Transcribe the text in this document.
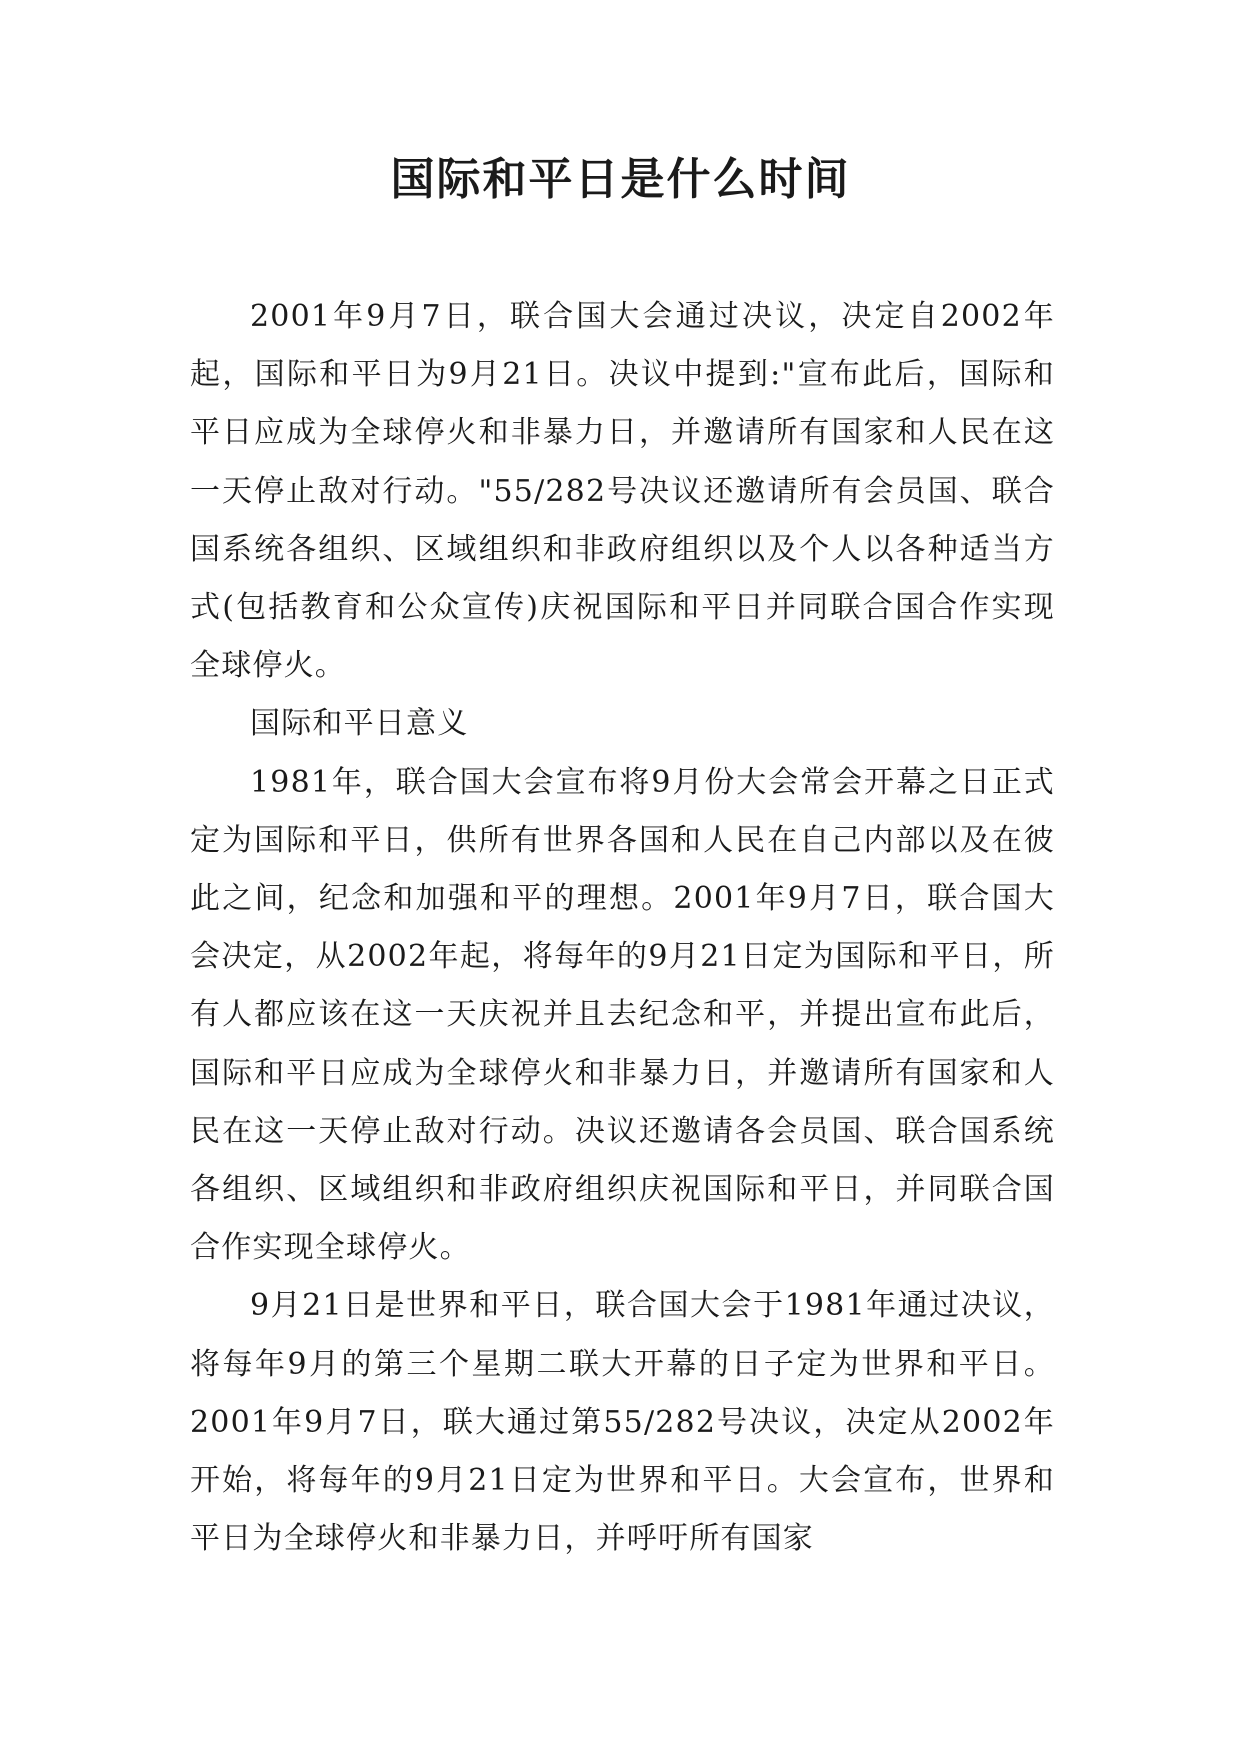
国际和平日是什么时间

2001年9月7日，联合国大会通过决议，决定自2002年起，国际和平日为9月21日。决议中提到:"宣布此后，国际和平日应成为全球停火和非暴力日，并邀请所有国家和人民在这一天停止敌对行动。"55/282号决议还邀请所有会员国、联合国系统各组织、区域组织和非政府组织以及个人以各种适当方式(包括教育和公众宣传)庆祝国际和平日并同联合国合作实现全球停火。

国际和平日意义

1981年，联合国大会宣布将9月份大会常会开幕之日正式定为国际和平日，供所有世界各国和人民在自己内部以及在彼此之间，纪念和加强和平的理想。2001年9月7日，联合国大会决定，从2002年起，将每年的9月21日定为国际和平日，所有人都应该在这一天庆祝并且去纪念和平，并提出宣布此后，国际和平日应成为全球停火和非暴力日，并邀请所有国家和人民在这一天停止敌对行动。决议还邀请各会员国、联合国系统各组织、区域组织和非政府组织庆祝国际和平日，并同联合国合作实现全球停火。

9月21日是世界和平日，联合国大会于1981年通过决议，将每年9月的第三个星期二联大开幕的日子定为世界和平日。2001年9月7日，联大通过第55/282号决议，决定从2002年开始，将每年的9月21日定为世界和平日。大会宣布，世界和平日为全球停火和非暴力日，并呼吁所有国家
